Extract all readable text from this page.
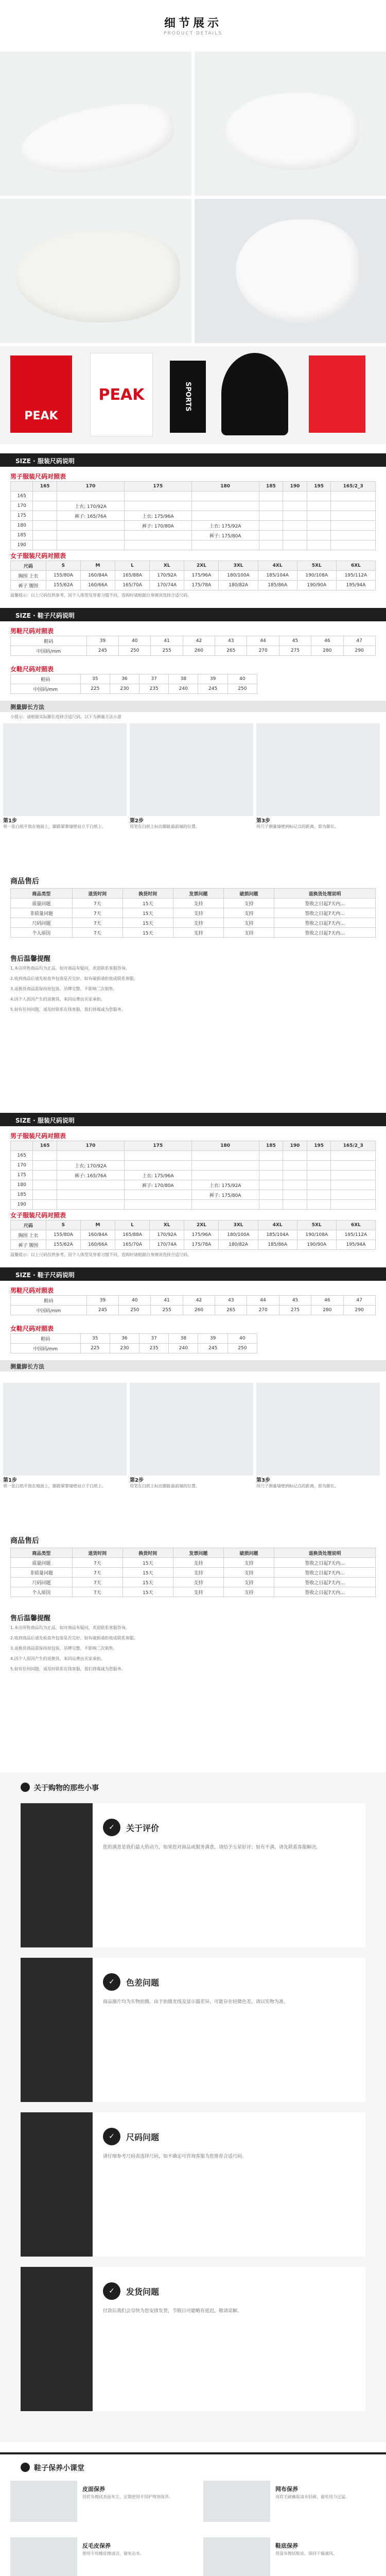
细节展示
PRODUCT DETAILS
PEAK
PEAK	SPORTS
SIZE · 服装尺码说明
男子服装尺码对照表
	165	170	175	180	185	190	195	165/2_3
165								
170		上衣: 170/92A						
175		裤子: 165/76A	上衣: 175/96A					
180			裤子: 170/80A	上衣: 175/92A				
185				裤子: 175/80A				
190								
女子服装尺码对照表
尺码	S	M	L	XL	2XL	3XL	4XL	5XL	6XL
胸围 上衣	155/80A	160/84A	165/88A	170/92A	175/96A	180/100A	185/104A	190/108A	195/112A
裤子 腰围	155/62A	160/66A	165/70A	170/74A	175/78A	180/82A	185/86A	190/90A	195/94A
温馨提示：以上尺码仅供参考，因个人体型及穿着习惯不同，选购时请根据自身情况选择合适尺码。
SIZE · 鞋子尺码说明
男鞋尺码对照表
鞋码	39	40	41	42	43	44	45	46	47
中国码/mm	245	250	255	260	265	270	275	280	290
女鞋尺码对照表
鞋码	35	36	37	38	39	40
中国码/mm	225	230	235	240	245	250
测量脚长方法
小提示：请根据实际脚长选择合适尺码，以下为测量方法示意
第1步
将一张白纸平放在地面上，脚跟紧靠墙壁站立于白纸上。
第2步
用笔在白纸上标出脚趾最前端的位置。
第3步
用尺子测量墙壁到标记点的距离，即为脚长。
商品售后
商品类型	退货时间	换货时间	发票问题	破损问题	退换货处理说明
质量问题	7天	15天	支持	支持	签收之日起7天内...
非质量问题	7天	15天	支持	支持	签收之日起7天内...
尺码问题	7天	15天	支持	支持	签收之日起7天内...
个人原因	7天	15天	支持	支持	签收之日起7天内...
售后温馨提醒
1.本店所售商品均为正品，如对商品有疑问，欢迎联系客服咨询。
2.收到商品后请先检查外包装是否完好，如有破损请拒收或联系客服。
3.退换货商品需保持原包装、吊牌完整，不影响二次销售。
4.因个人原因产生的退换货，来回运费由买家承担。
5.如有任何问题，请及时联系在线客服，我们将竭诚为您服务。
SIZE · 服装尺码说明
男子服装尺码对照表
	165	170	175	180	185	190	195	165/2_3
165								
170		上衣: 170/92A						
175		裤子: 165/76A	上衣: 175/96A					
180			裤子: 170/80A	上衣: 175/92A				
185				裤子: 175/80A				
190								
女子服装尺码对照表
尺码	S	M	L	XL	2XL	3XL	4XL	5XL	6XL
胸围 上衣	155/80A	160/84A	165/88A	170/92A	175/96A	180/100A	185/104A	190/108A	195/112A
裤子 腰围	155/62A	160/66A	165/70A	170/74A	175/78A	180/82A	185/86A	190/90A	195/94A
温馨提示：以上尺码仅供参考，因个人体型及穿着习惯不同，选购时请根据自身情况选择合适尺码。
SIZE · 鞋子尺码说明
男鞋尺码对照表
鞋码	39	40	41	42	43	44	45	46	47
中国码/mm	245	250	255	260	265	270	275	280	290
女鞋尺码对照表
鞋码	35	36	37	38	39	40
中国码/mm	225	230	235	240	245	250
测量脚长方法
第1步
将一张白纸平放在地面上，脚跟紧靠墙壁站立于白纸上。
第2步
用笔在白纸上标出脚趾最前端的位置。
第3步
用尺子测量墙壁到标记点的距离，即为脚长。
商品售后
商品类型	退货时间	换货时间	发票问题	破损问题	退换货处理说明
质量问题	7天	15天	支持	支持	签收之日起7天内...
非质量问题	7天	15天	支持	支持	签收之日起7天内...
尺码问题	7天	15天	支持	支持	签收之日起7天内...
个人原因	7天	15天	支持	支持	签收之日起7天内...
售后温馨提醒
1.本店所售商品均为正品，如对商品有疑问，欢迎联系客服咨询。
2.收到商品后请先检查外包装是否完好，如有破损请拒收或联系客服。
3.退换货商品需保持原包装、吊牌完整，不影响二次销售。
4.因个人原因产生的退换货，来回运费由买家承担。
5.如有任何问题，请及时联系在线客服，我们将竭诚为您服务。
关于购物的那些小事
✓	关于评价
您的满意是我们最大的动力，如果您对商品或服务满意，请给予五星好评；如有不满，请先联系客服解决。
✓	色差问题
商品图片均为实物拍摄，由于拍摄光线及显示器差异，可能存在轻微色差，请以实物为准。
✓	尺码问题
请仔细参考尺码表选择尺码，如不确定可咨询客服为您推荐合适尺码。
✓	发货问题
付款后我们会尽快为您安排发货，节假日可能略有延迟，敬请谅解。
鞋子保养小课堂
皮面保养
用软布擦拭表面灰尘，定期使用专用护理剂保养。
网布保养
用软毛刷蘸取清水轻刷，避免用力过猛。
反毛皮保养
使用专用橡皮擦清洁，避免沾水。
鞋底保养
用湿布擦拭鞋底，保持干燥通风。
